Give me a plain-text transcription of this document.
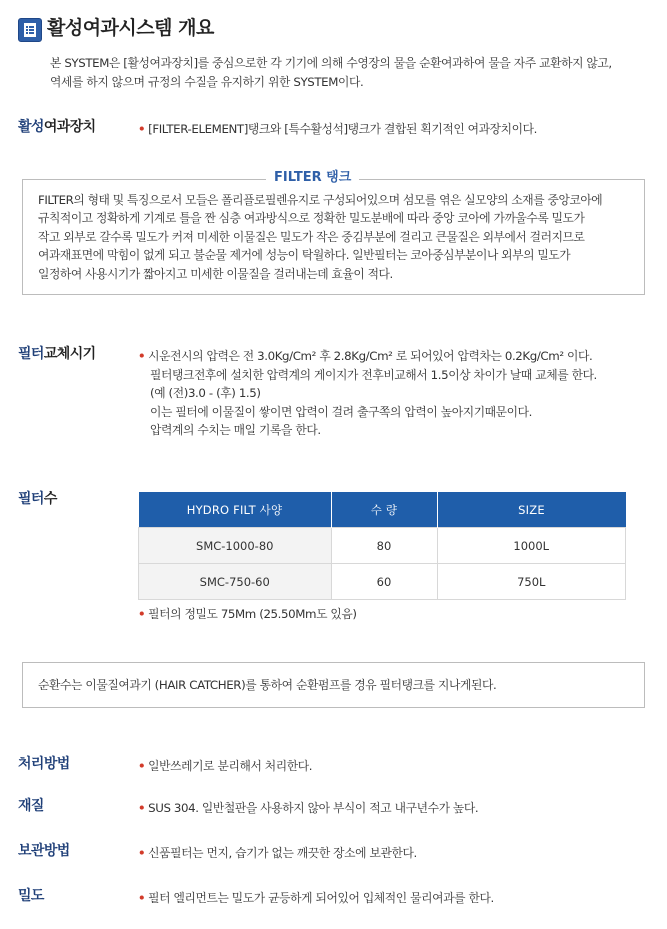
활성여과시스템 개요
본 SYSTEM은 [활성여과장치]를 중심으로한 각 기기에 의해 수영장의 물을 순환여과하여 물을 자주 교환하지 않고,
역세를 하지 않으며 규정의 수질을 유지하기 위한 SYSTEM이다.
활성여과장치	• [FILTER-ELEMENT]탱크와 [특수활성석]탱크가 결합된 획기적인 여과장치이다.
FILTER 탱크
FILTER의 형태 및 특징으로서 모들은 폴리플로필렌유지로 구성되어있으며 섬모를 엮은 실모양의 소재를 중앙코아에
규칙적이고 정확하게 기계로 틀을 짠 심층 여과방식으로 정확한 밀도분배에 따라 중앙 코아에 가까울수록 밀도가
작고 외부로 갈수록 밀도가 커져 미세한 이물질은 밀도가 작은 중김부분에 걸리고 큰물질은 외부에서 걸러지므로
여과재표면에 막힘이 없게 되고 불순물 제거에 성능이 탁월하다. 일반필터는 코아중심부분이나 외부의 밀도가
일정하여 사용시기가 짧아지고 미세한 이물질을 걸러내는데 효율이 적다.
필터교체시기	• 시운전시의 압력은 전 3.0Kg/Cm² 후 2.8Kg/Cm² 로 되어있어 압력차는 0.2Kg/Cm² 이다.
필터탱크전후에 설치한 압력계의 게이지가 전후비교해서 1.5이상 차이가 날때 교체를 한다.
(예 (전)3.0 - (후) 1.5)
이는 필터에 이물질이 쌓이면 압력이 걸려 출구쪽의 압력이 높아지기때문이다.
압력계의 수치는 매일 기록을 한다.
필터수
HYDRO FILT 사양	수 량	SIZE
SMC-1000-80	80	1000L
SMC-750-60	60	750L
• 필터의 정밀도 75Mm (25.50Mm도 있음)
순환수는 이물질여과기 (HAIR CATCHER)를 통하여 순환펌프를 경유 필터탱크를 지나게된다.
처리방법	• 일반쓰레기로 분리해서 처리한다.
재질	• SUS 304. 일반철판을 사용하지 않아 부식이 적고 내구년수가 높다.
보관방법	• 신품필터는 먼지, 습기가 없는 깨끗한 장소에 보관한다.
밀도	• 필터 엘리먼트는 밀도가 균등하게 되어있어 입체적인 물리여과를 한다.
